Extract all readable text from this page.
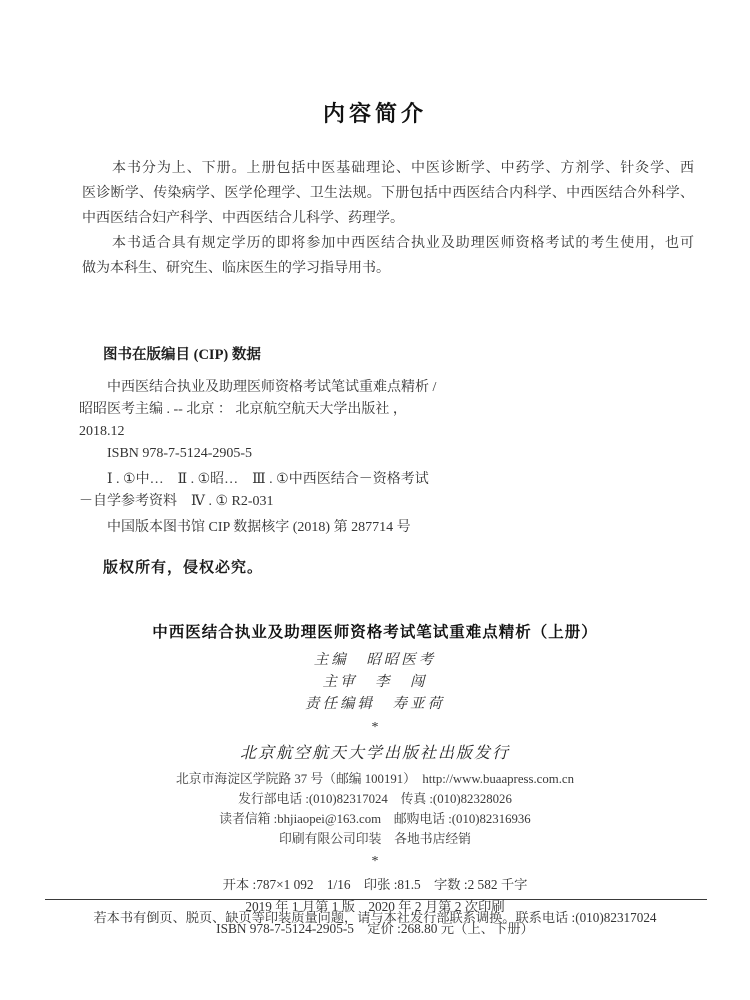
内容简介
本书分为上、下册。上册包括中医基础理论、中医诊断学、中药学、方剂学、针灸学、西
医诊断学、传染病学、医学伦理学、卫生法规。下册包括中西医结合内科学、中西医结合外科学、
中西医结合妇产科学、中西医结合儿科学、药理学。
本书适合具有规定学历的即将参加中西医结合执业及助理医师资格考试的考生使用，也可
做为本科生、研究生、临床医生的学习指导用书。
图书在版编目 (CIP) 数据
中西医结合执业及助理医师资格考试笔试重难点精析 /
昭昭医考主编 . -- 北京 ： 北京航空航天大学出版社 ，
2018.12
ISBN 978-7-5124-2905-5
Ⅰ . ①中…　Ⅱ . ①昭…　Ⅲ . ①中西医结合－资格考试
－自学参考资料　Ⅳ . ① R2-031
中国版本图书馆 CIP 数据核字 (2018) 第 287714 号
版权所有，侵权必究。
中西医结合执业及助理医师资格考试笔试重难点精析（上册）
主编　昭昭医考
主审　李　闯
责任编辑　寿亚荷
*
北京航空航天大学出版社出版发行
北京市海淀区学院路 37 号（邮编 100191）　http://www.buaapress.com.cn
发行部电话 :(010)82317024　传真 :(010)82328026
读者信箱 :bhjiaopei@163.com　邮购电话 :(010)82316936
印刷有限公司印装　各地书店经销
*
开本 :787×1 092　1/16　印张 :81.5　字数 :2 582 千字
2019 年 1 月第 1 版　2020 年 2 月第 2 次印刷
ISBN 978-7-5124-2905-5　定价 :268.80 元（上、下册）
若本书有倒页、脱页、缺页等印装质量问题，请与本社发行部联系调换。联系电话 :(010)82317024
